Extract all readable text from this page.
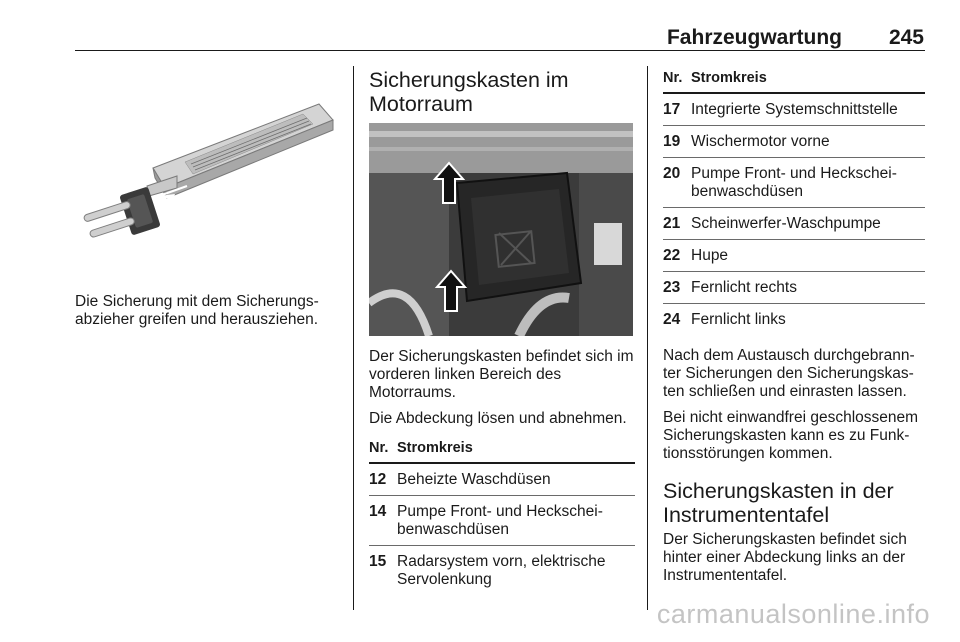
Fahrzeugwartung 245

Die Sicherung mit dem Sicherungsabzieher greifen und herausziehen.

Sicherungskasten im Motorraum

Der Sicherungskasten befindet sich im vorderen linken Bereich des Motorraums.

Die Abdeckung lösen und abnehmen.

Nr.	Stromkreis
12	Beheizte Waschdüsen
14	Pumpe Front- und Heckscheibenwaschdüsen
15	Radarsystem vorn, elektrische Servolenkung
Nr.	Stromkreis
17	Integrierte Systemschnittstelle
19	Wischermotor vorne
20	Pumpe Front- und Heckscheibenwaschdüsen
21	Scheinwerfer-Waschpumpe
22	Hupe
23	Fernlicht rechts
24	Fernlicht links

Nach dem Austausch durchgebrannter Sicherungen den Sicherungskasten schließen und einrasten lassen.

Bei nicht einwandfrei geschlossenem Sicherungskasten kann es zu Funktionsstörungen kommen.

Sicherungskasten in der Instrumententafel

Der Sicherungskasten befindet sich hinter einer Abdeckung links an der Instrumententafel.

carmanualsonline.info
